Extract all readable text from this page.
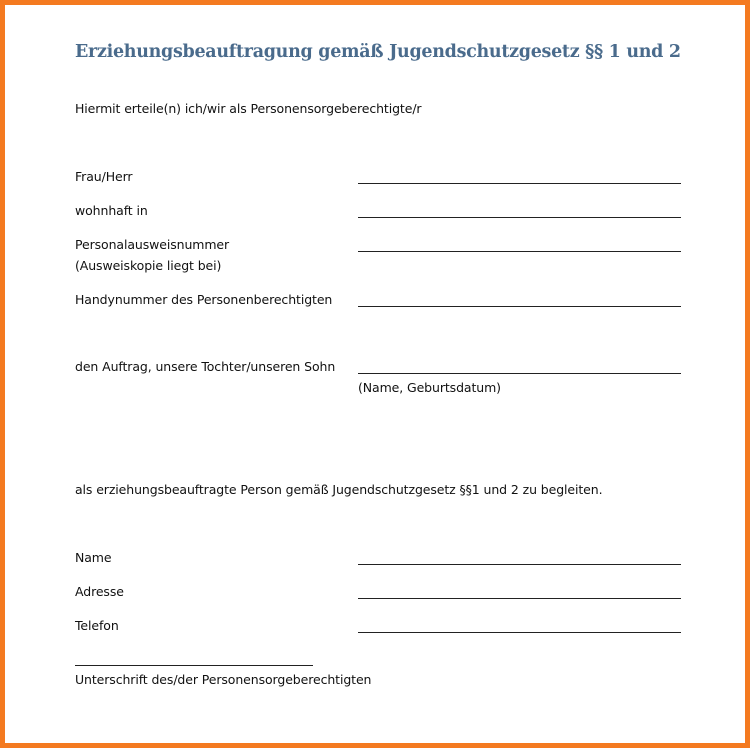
Erziehungsbeauftragung gemäß Jugendschutzgesetz §§ 1 und 2
Hiermit erteile(n) ich/wir als Personensorgeberechtigte/r
Frau/Herr
wohnhaft in
Personalausweisnummer
(Ausweiskopie liegt bei)
Handynummer des Personenberechtigten
den Auftrag, unsere Tochter/unseren Sohn
(Name, Geburtsdatum)
als erziehungsbeauftragte Person gemäß Jugendschutzgesetz §§1 und 2 zu begleiten.
Name
Adresse
Telefon
Unterschrift des/der Personensorgeberechtigten
